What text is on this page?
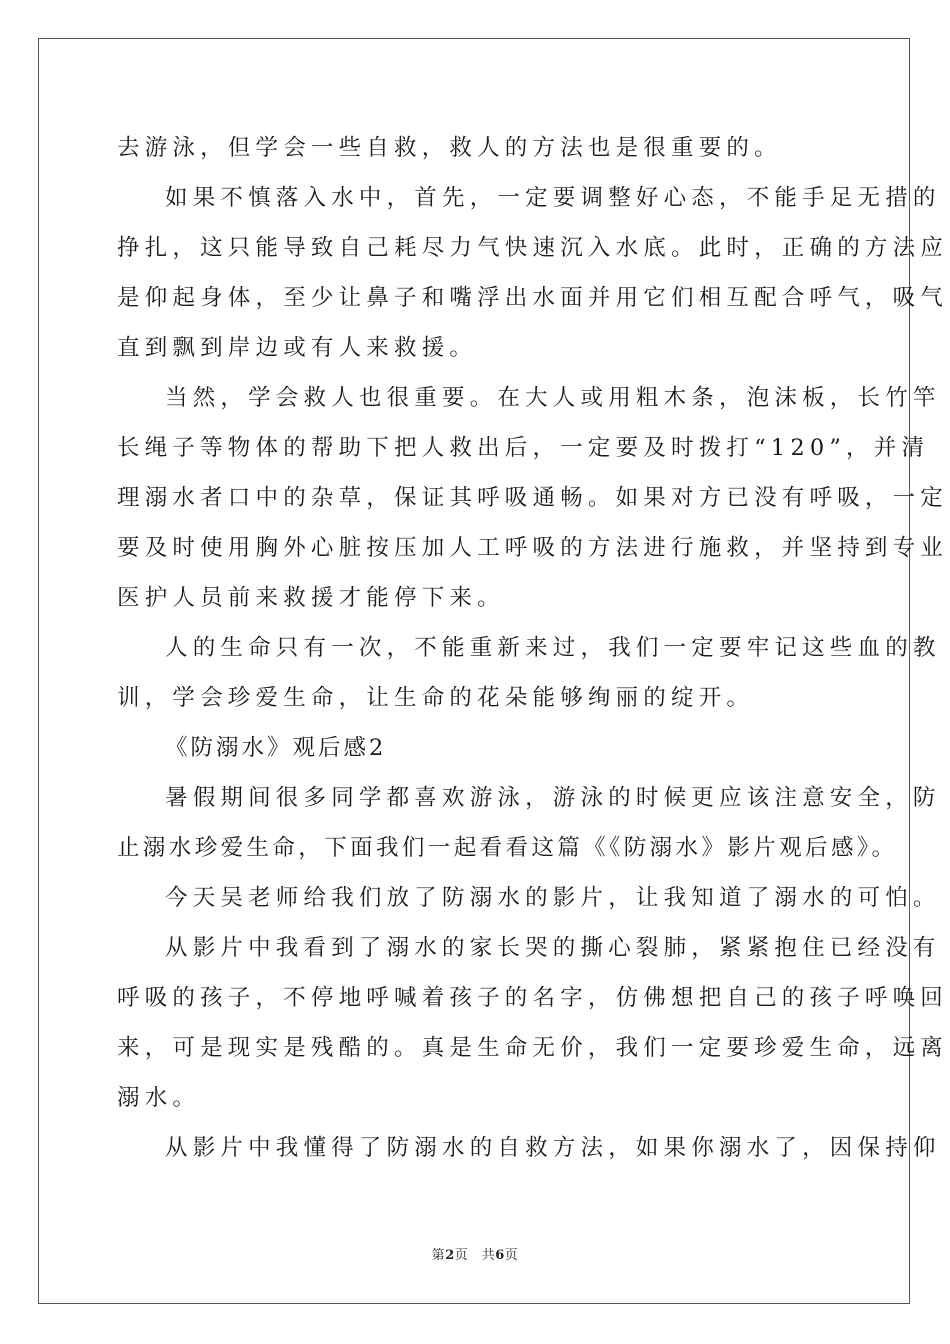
去游泳，但学会一些自救，救人的方法也是很重要的。
如果不慎落入水中，首先，一定要调整好心态，不能手足无措的
挣扎，这只能导致自己耗尽力气快速沉入水底。此时，正确的方法应
是仰起身体，至少让鼻子和嘴浮出水面并用它们相互配合呼气，吸气
直到飘到岸边或有人来救援。
当然，学会救人也很重要。在大人或用粗木条，泡沫板，长竹竿
长绳子等物体的帮助下把人救出后，一定要及时拨打“120”，并清
理溺水者口中的杂草，保证其呼吸通畅。如果对方已没有呼吸，一定
要及时使用胸外心脏按压加人工呼吸的方法进行施救，并坚持到专业
医护人员前来救援才能停下来。
人的生命只有一次，不能重新来过，我们一定要牢记这些血的教
训，学会珍爱生命，让生命的花朵能够绚丽的绽开。
《防溺水》观后感2
暑假期间很多同学都喜欢游泳，游泳的时候更应该注意安全，防
止溺水珍爱生命，下面我们一起看看这篇《《防溺水》影片观后感》。
今天吴老师给我们放了防溺水的影片，让我知道了溺水的可怕。
从影片中我看到了溺水的家长哭的撕心裂肺，紧紧抱住已经没有
呼吸的孩子，不停地呼喊着孩子的名字，仿佛想把自己的孩子呼唤回
来，可是现实是残酷的。真是生命无价，我们一定要珍爱生命，远离
溺水。
从影片中我懂得了防溺水的自救方法，如果你溺水了，因保持仰
第2页　共6页
